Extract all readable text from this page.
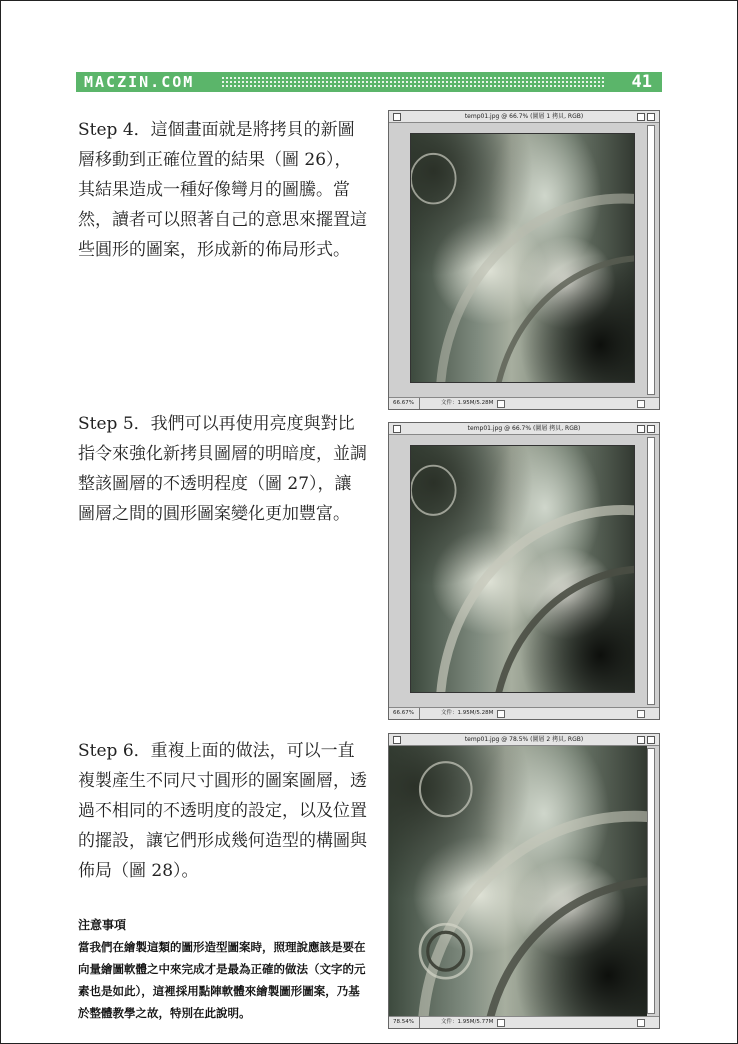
MACZIN.COM	41

Step 4．這個畫面就是將拷貝的新圖層移動到正確位置的結果（圖 26），其結果造成一種好像彎月的圖騰。當然，讀者可以照著自己的意思來擺置這些圓形的圖案，形成新的佈局形式。

Step 5．我們可以再使用亮度與對比指令來強化新拷貝圖層的明暗度，並調整該圖層的不透明程度（圖 27），讓圖層之間的圓形圖案變化更加豐富。

Step 6．重複上面的做法，可以一直複製產生不同尺寸圓形的圖案圖層，透過不相同的不透明度的設定，以及位置的擺設，讓它們形成幾何造型的構圖與佈局（圖 28）。

注意事項

當我們在繪製這類的圖形造型圖案時，照理說應該是要在向量繪圖軟體之中來完成才是最為正確的做法（文字的元素也是如此），這裡採用點陣軟體來繪製圖形圖案，乃基於整體教學之故，特別在此說明。

temp01.jpg @ 66.7% (圖層 1 拷貝, RGB)
66.67%	文件：1.95M/5.28M
temp01.jpg @ 66.7% (圖層 拷貝, RGB)
66.67%	文件：1.95M/5.28M
temp01.jpg @ 78.5% (圖層 2 拷貝, RGB)
78.54%	文件：1.95M/5.77M
